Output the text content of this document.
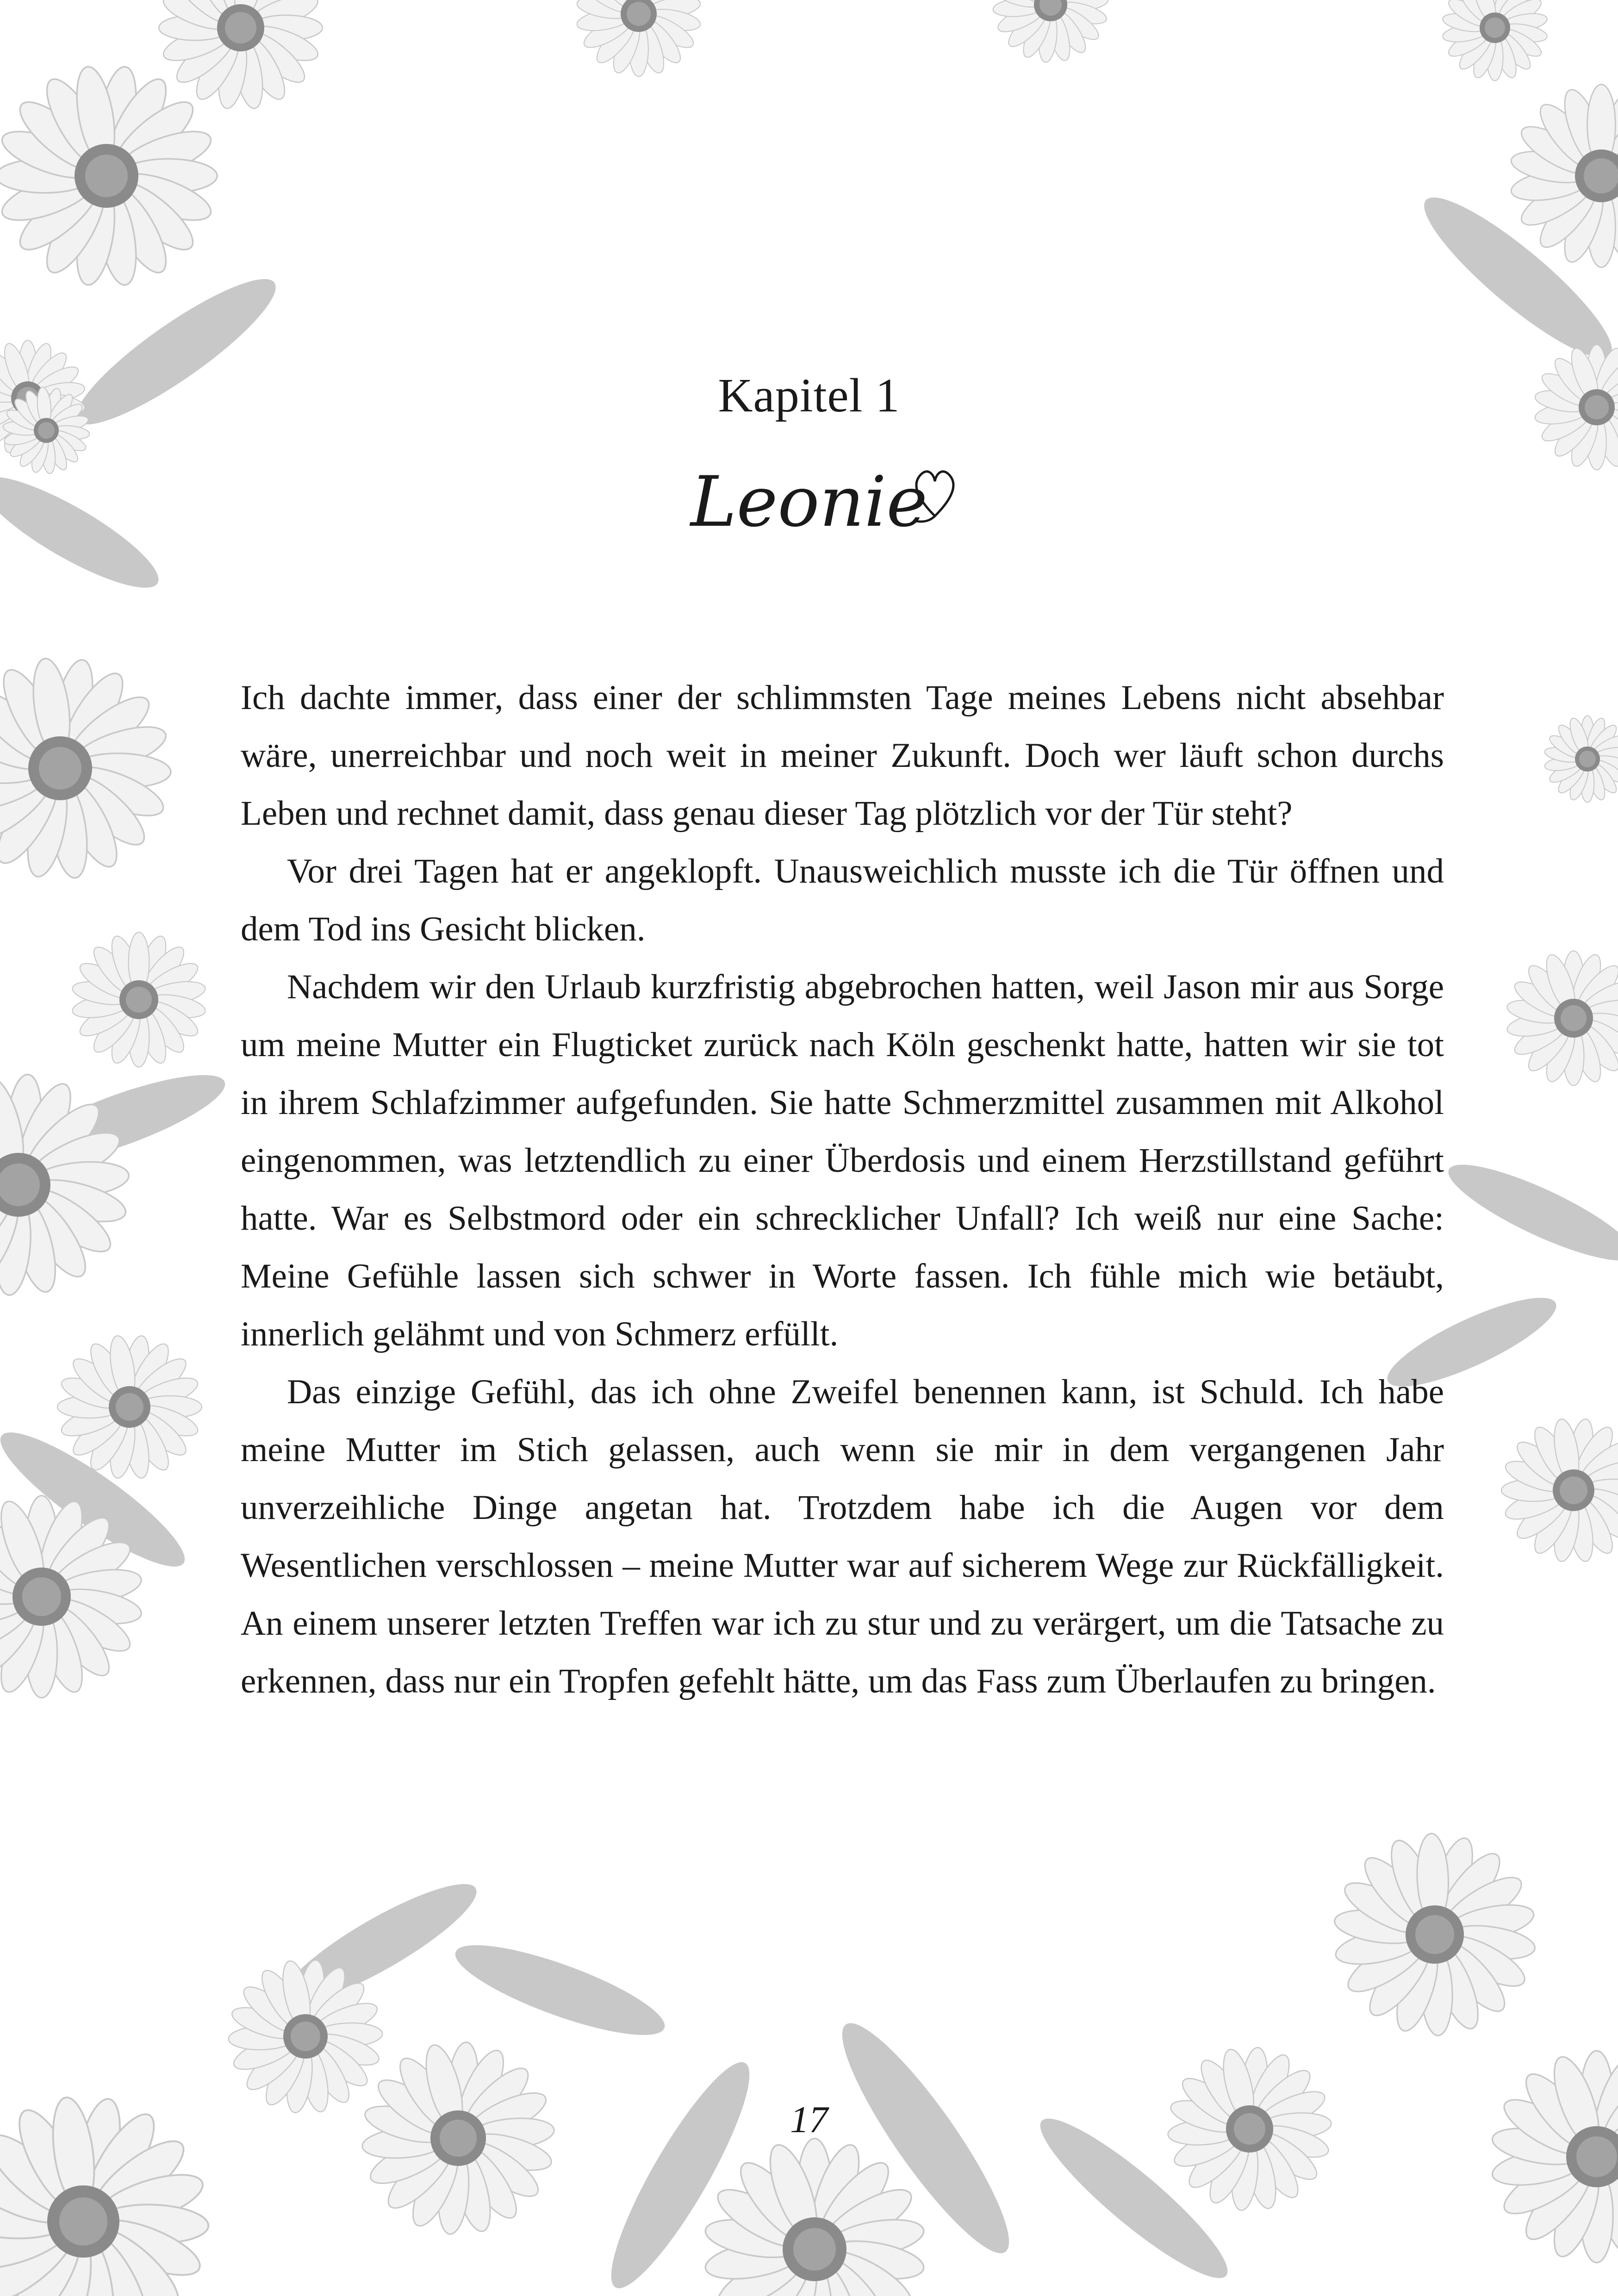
Kapitel 1
Leonie

Ich dachte immer, dass einer der schlimmsten Tage meines Lebens nicht absehbar wäre, unerreichbar und noch weit in meiner Zukunft. Doch wer läuft schon durchs Leben und rechnet damit, dass genau dieser Tag plötzlich vor der Tür steht?

Vor drei Tagen hat er angeklopft. Unausweichlich musste ich die Tür öffnen und dem Tod ins Gesicht blicken.

Nachdem wir den Urlaub kurzfristig abgebrochen hatten, weil Jason mir aus Sorge um meine Mutter ein Flugticket zurück nach Köln geschenkt hatte, hatten wir sie tot in ihrem Schlafzimmer aufgefunden. Sie hatte Schmerzmittel zusammen mit Alkohol eingenommen, was letztendlich zu einer Überdosis und einem Herzstillstand geführt hatte. War es Selbstmord oder ein schrecklicher Unfall? Ich weiß nur eine Sache: Meine Gefühle lassen sich schwer in Worte fassen. Ich fühle mich wie betäubt, innerlich gelähmt und von Schmerz erfüllt.

Das einzige Gefühl, das ich ohne Zweifel benennen kann, ist Schuld. Ich habe meine Mutter im Stich gelassen, auch wenn sie mir in dem vergangenen Jahr unverzeihliche Dinge angetan hat. Trotzdem habe ich die Augen vor dem Wesentlichen verschlossen – meine Mutter war auf sicherem Wege zur Rückfälligkeit. An einem unserer letzten Treffen war ich zu stur und zu verärgert, um die Tatsache zu erkennen, dass nur ein Tropfen gefehlt hätte, um das Fass zum Überlaufen zu bringen.

17
